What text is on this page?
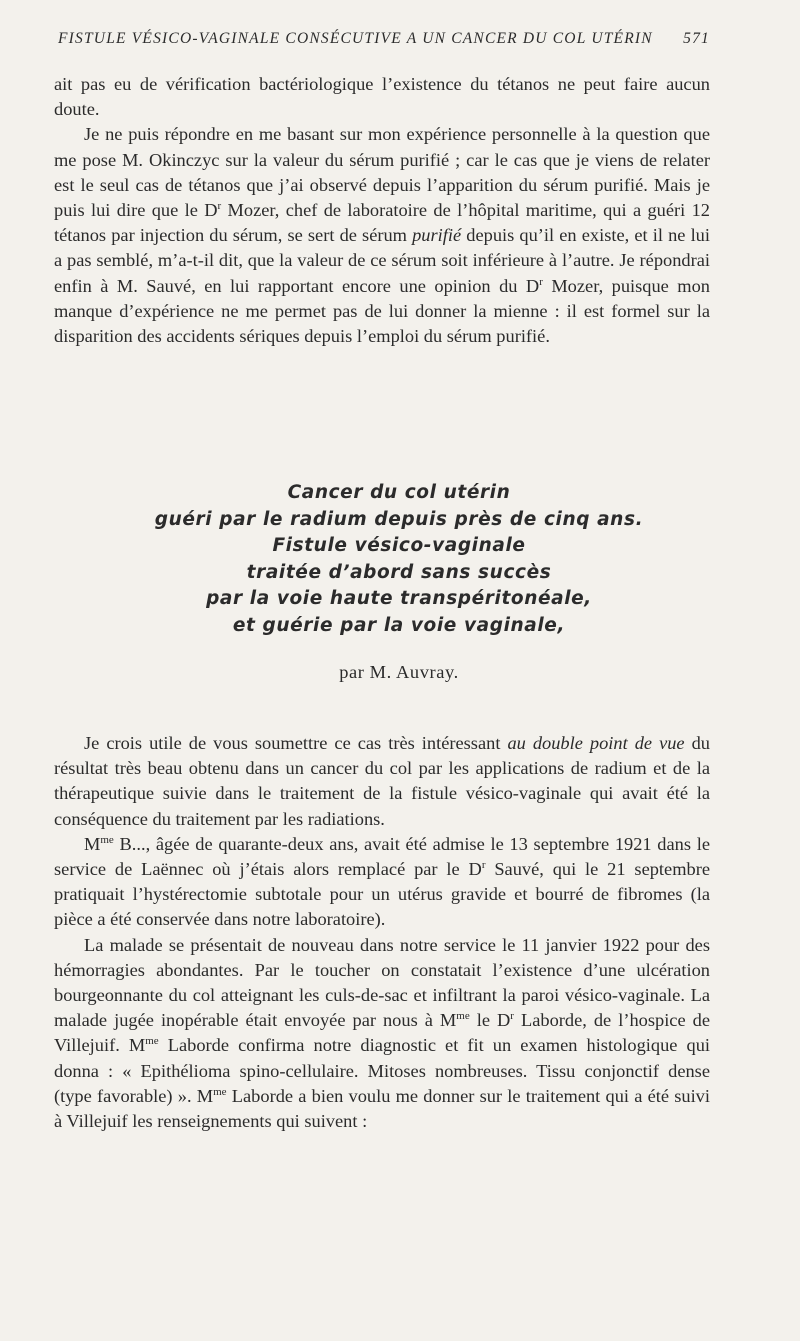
FISTULE VÉSICO-VAGINALE CONSÉCUTIVE A UN CANCER DU COL UTÉRIN 571

ait pas eu de vérification bactériologique l’existence du tétanos ne peut faire aucun doute.

Je ne puis répondre en me basant sur mon expérience personnelle à la question que me pose M. Okinczyc sur la valeur du sérum purifié ; car le cas que je viens de relater est le seul cas de tétanos que j’ai observé depuis l’apparition du sérum purifié. Mais je puis lui dire que le $D^r$ Mozer, chef de laboratoire de l’hôpital maritime, qui a guéri 12 tétanos par injection du sérum, se sert de sérum purifié depuis qu’il en existe, et il ne lui a pas semblé, m’a-t-il dit, que la valeur de ce sérum soit inférieure à l’autre. Je répondrai enfin à M. Sauvé, en lui rapportant encore une opinion du $D^r$ Mozer, puisque mon manque d’expérience ne me permet pas de lui donner la mienne : il est formel sur la disparition des accidents sériques depuis l’emploi du sérum purifié.

Cancer du col utérin
guéri par le radium depuis près de cinq ans.
Fistule vésico-vaginale
traitée d’abord sans succès
par la voie haute transpéritonéale,
et guérie par la voie vaginale,
par M. Auvray.

Je crois utile de vous soumettre ce cas très intéressant au double point de vue du résultat très beau obtenu dans un cancer du col par les applications de radium et de la thérapeutique suivie dans le traitement de la fistule vésico-vaginale qui avait été la conséquence du traitement par les radiations.

$M^{me}$ B..., âgée de quarante-deux ans, avait été admise le 13 septembre 1921 dans le service de Laënnec où j’étais alors remplacé par le $D^r$ Sauvé, qui le 21 septembre pratiquait l’hystérectomie subtotale pour un utérus gravide et bourré de fibromes (la pièce a été conservée dans notre laboratoire).

La malade se présentait de nouveau dans notre service le 11 janvier 1922 pour des hémorragies abondantes. Par le toucher on constatait l’existence d’une ulcération bourgeonnante du col atteignant les culs-de-sac et infiltrant la paroi vésico-vaginale. La malade jugée inopérable était envoyée par nous à $M^{me}$ le $D^r$ Laborde, de l’hospice de Villejuif. $M^{me}$ Laborde confirma notre diagnostic et fit un examen histologique qui donna : « Epithélioma spino-cellulaire. Mitoses nombreuses. Tissu conjonctif dense (type favorable) ». $M^{me}$ Laborde a bien voulu me donner sur le traitement qui a été suivi à Villejuif les renseignements qui suivent :
